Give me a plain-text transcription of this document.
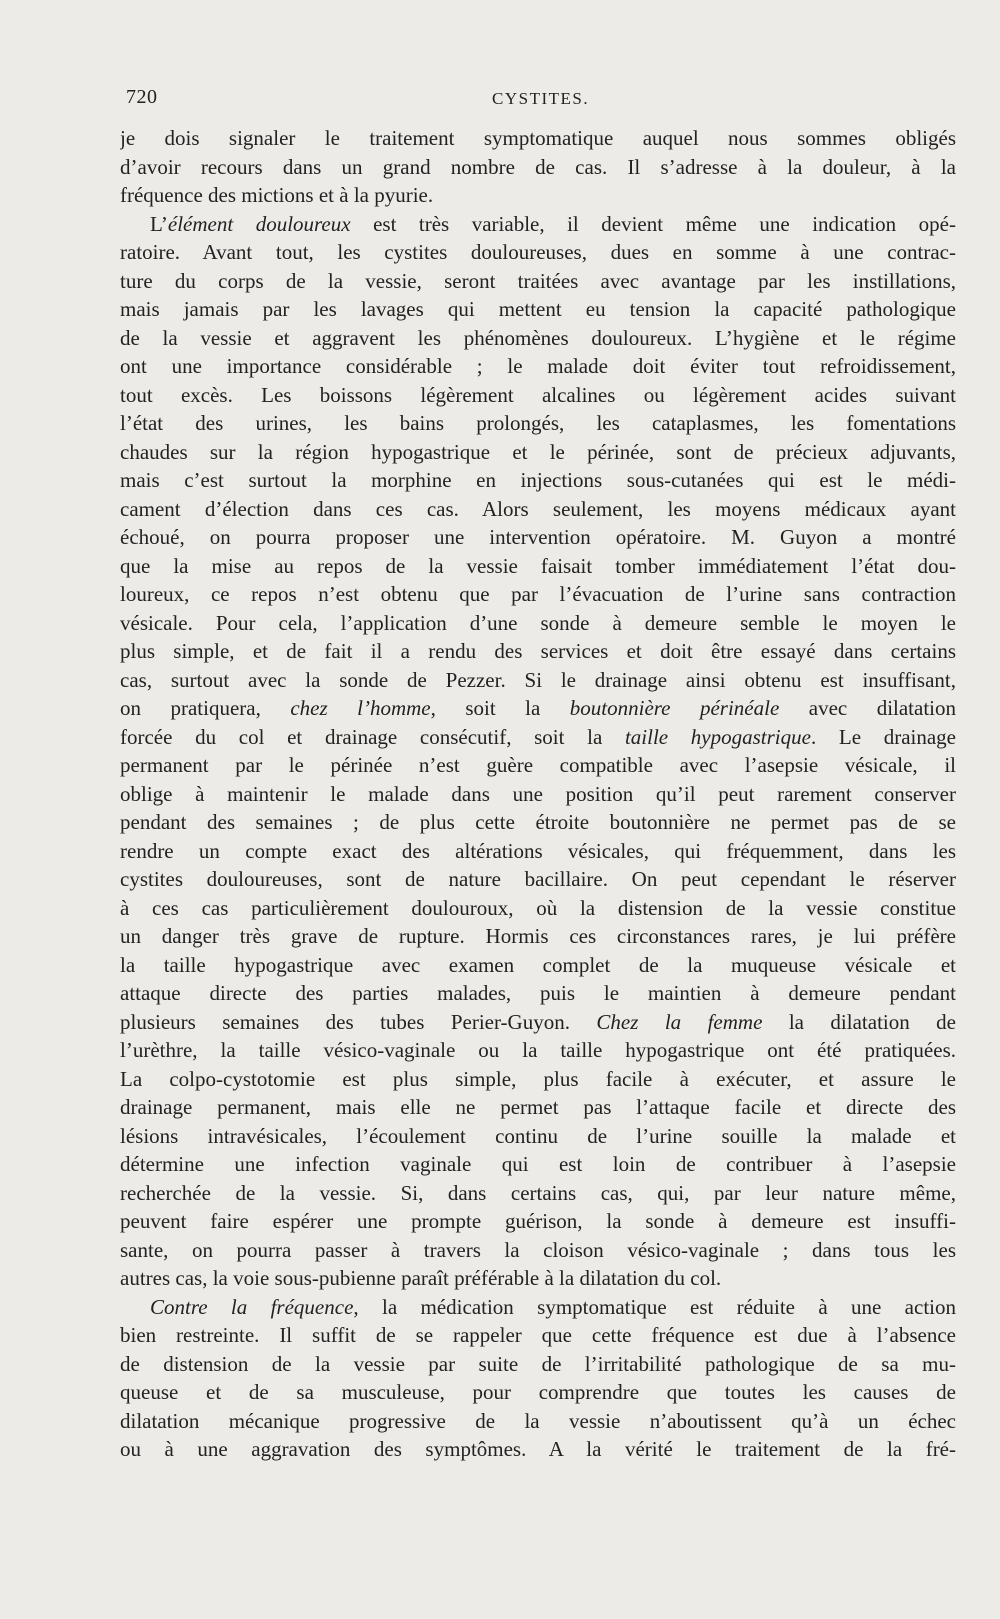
720	CYSTITES.
je dois signaler le traitement symptomatique auquel nous sommes obligés
d’avoir recours dans un grand nombre de cas. Il s’adresse à la douleur, à la
fréquence des mictions et à la pyurie.
L’élément douloureux est très variable, il devient même une indication opé-
ratoire. Avant tout, les cystites douloureuses, dues en somme à une contrac-
ture du corps de la vessie, seront traitées avec avantage par les instillations,
mais jamais par les lavages qui mettent eu tension la capacité pathologique
de la vessie et aggravent les phénomènes douloureux. L’hygiène et le régime
ont une importance considérable ; le malade doit éviter tout refroidissement,
tout excès. Les boissons légèrement alcalines ou légèrement acides suivant
l’état des urines, les bains prolongés, les cataplasmes, les fomentations
chaudes sur la région hypogastrique et le périnée, sont de précieux adjuvants,
mais c’est surtout la morphine en injections sous-cutanées qui est le médi-
cament d’élection dans ces cas. Alors seulement, les moyens médicaux ayant
échoué, on pourra proposer une intervention opératoire. M. Guyon a montré
que la mise au repos de la vessie faisait tomber immédiatement l’état dou-
loureux, ce repos n’est obtenu que par l’évacuation de l’urine sans contraction
vésicale. Pour cela, l’application d’une sonde à demeure semble le moyen le
plus simple, et de fait il a rendu des services et doit être essayé dans certains
cas, surtout avec la sonde de Pezzer. Si le drainage ainsi obtenu est insuffisant,
on pratiquera, chez l’homme, soit la boutonnière périnéale avec dilatation
forcée du col et drainage consécutif, soit la taille hypogastrique. Le drainage
permanent par le périnée n’est guère compatible avec l’asepsie vésicale, il
oblige à maintenir le malade dans une position qu’il peut rarement conserver
pendant des semaines ; de plus cette étroite boutonnière ne permet pas de se
rendre un compte exact des altérations vésicales, qui fréquemment, dans les
cystites douloureuses, sont de nature bacillaire. On peut cependant le réserver
à ces cas particulièrement doulouroux, où la distension de la vessie constitue
un danger très grave de rupture. Hormis ces circonstances rares, je lui préfère
la taille hypogastrique avec examen complet de la muqueuse vésicale et
attaque directe des parties malades, puis le maintien à demeure pendant
plusieurs semaines des tubes Perier-Guyon. Chez la femme la dilatation de
l’urèthre, la taille vésico-vaginale ou la taille hypogastrique ont été pratiquées.
La colpo-cystotomie est plus simple, plus facile à exécuter, et assure le
drainage permanent, mais elle ne permet pas l’attaque facile et directe des
lésions intravésicales, l’écoulement continu de l’urine souille la malade et
détermine une infection vaginale qui est loin de contribuer à l’asepsie
recherchée de la vessie. Si, dans certains cas, qui, par leur nature même,
peuvent faire espérer une prompte guérison, la sonde à demeure est insuffi-
sante, on pourra passer à travers la cloison vésico-vaginale ; dans tous les
autres cas, la voie sous-pubienne paraît préférable à la dilatation du col.
Contre la fréquence, la médication symptomatique est réduite à une action
bien restreinte. Il suffit de se rappeler que cette fréquence est due à l’absence
de distension de la vessie par suite de l’irritabilité pathologique de sa mu-
queuse et de sa musculeuse, pour comprendre que toutes les causes de
dilatation mécanique progressive de la vessie n’aboutissent qu’à un échec
ou à une aggravation des symptômes. A la vérité le traitement de la fré-
